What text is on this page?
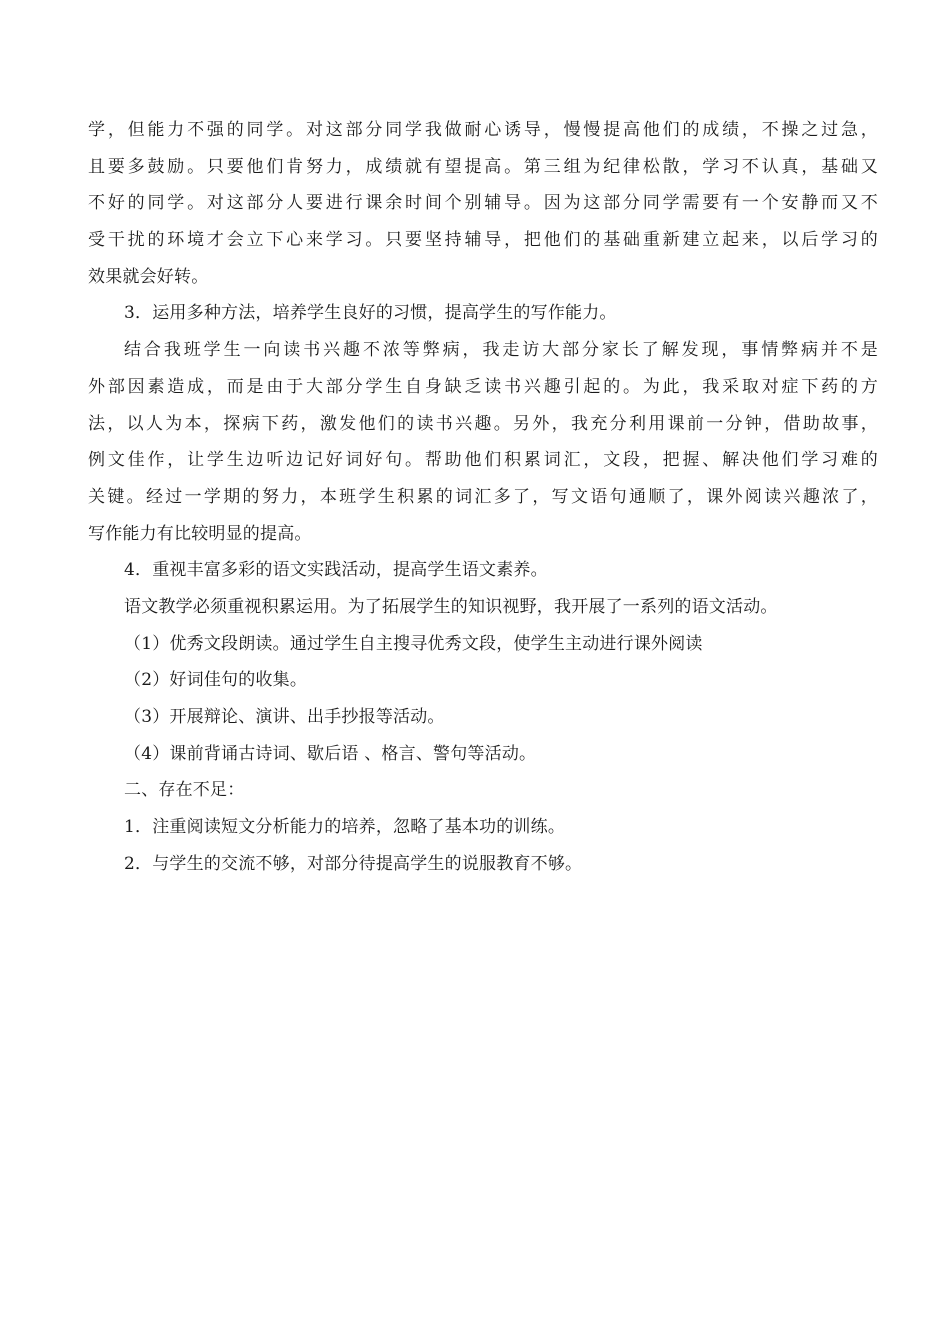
学，但能力不强的同学。对这部分同学我做耐心诱导，慢慢提高他们的成绩，不操之过急，
且要多鼓励。只要他们肯努力，成绩就有望提高。第三组为纪律松散，学习不认真，基础又
不好的同学。对这部分人要进行课余时间个别辅导。因为这部分同学需要有一个安静而又不
受干扰的环境才会立下心来学习。只要坚持辅导，把他们的基础重新建立起来，以后学习的
效果就会好转。
3．运用多种方法，培养学生良好的习惯，提高学生的写作能力。
结合我班学生一向读书兴趣不浓等弊病，我走访大部分家长了解发现，事情弊病并不是
外部因素造成，而是由于大部分学生自身缺乏读书兴趣引起的。为此，我采取对症下药的方
法，以人为本，探病下药，激发他们的读书兴趣。另外，我充分利用课前一分钟，借助故事，
例文佳作，让学生边听边记好词好句。帮助他们积累词汇，文段，把握、解决他们学习难的
关键。经过一学期的努力，本班学生积累的词汇多了，写文语句通顺了，课外阅读兴趣浓了，
写作能力有比较明显的提高。
4．重视丰富多彩的语文实践活动，提高学生语文素养。
语文教学必须重视积累运用。为了拓展学生的知识视野，我开展了一系列的语文活动。
（1）优秀文段朗读。通过学生自主搜寻优秀文段，使学生主动进行课外阅读
（2）好词佳句的收集。
（3）开展辩论、演讲、出手抄报等活动。
（4）课前背诵古诗词、歇后语 、格言、警句等活动。
二、存在不足：
1．注重阅读短文分析能力的培养，忽略了基本功的训练。
2．与学生的交流不够，对部分待提高学生的说服教育不够。
